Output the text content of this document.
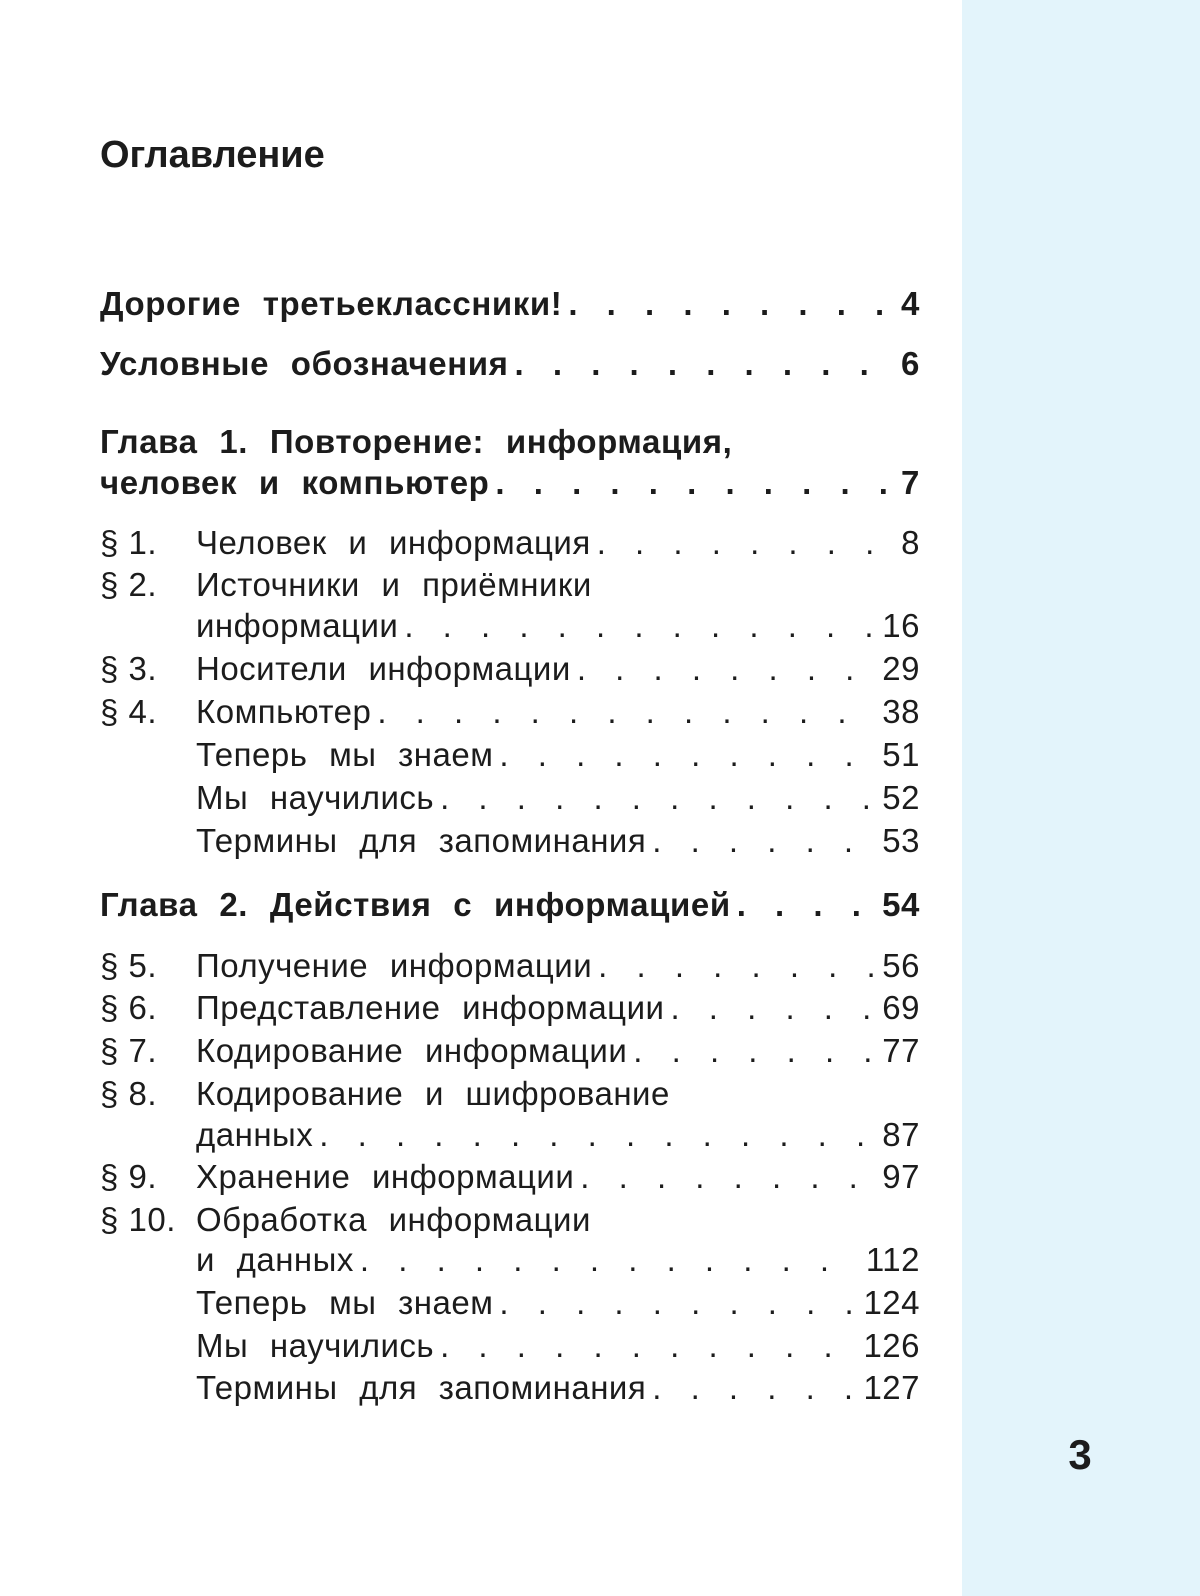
3
Оглавление
Дорогие третьеклассники! . . .	4
Условные обозначения . . .	6
Глава 1. Повторение: информация,
человек и компьютер . . .	7
§ 1.	Человек и информация . . .	8
§ 2.	Источники и приёмники
информации . . .	16
§ 3.	Носители информации . . .	29
§ 4.	Компьютер . . .	38
Теперь мы знаем . . .	51
Мы научились . . .	52
Термины для запоминания . . .	53
Глава 2. Действия с информацией . . .	54
§ 5.	Получение информации . . .	56
§ 6.	Представление информации . . .	69
§ 7.	Кодирование информации . . .	77
§ 8.	Кодирование и шифрование
данных . . .	87
§ 9.	Хранение информации . . .	97
§ 10. Обработка информации
и данных . . .	112
Теперь мы знаем . . .	124
Мы научились . . .	126
Термины для запоминания . . .	127
